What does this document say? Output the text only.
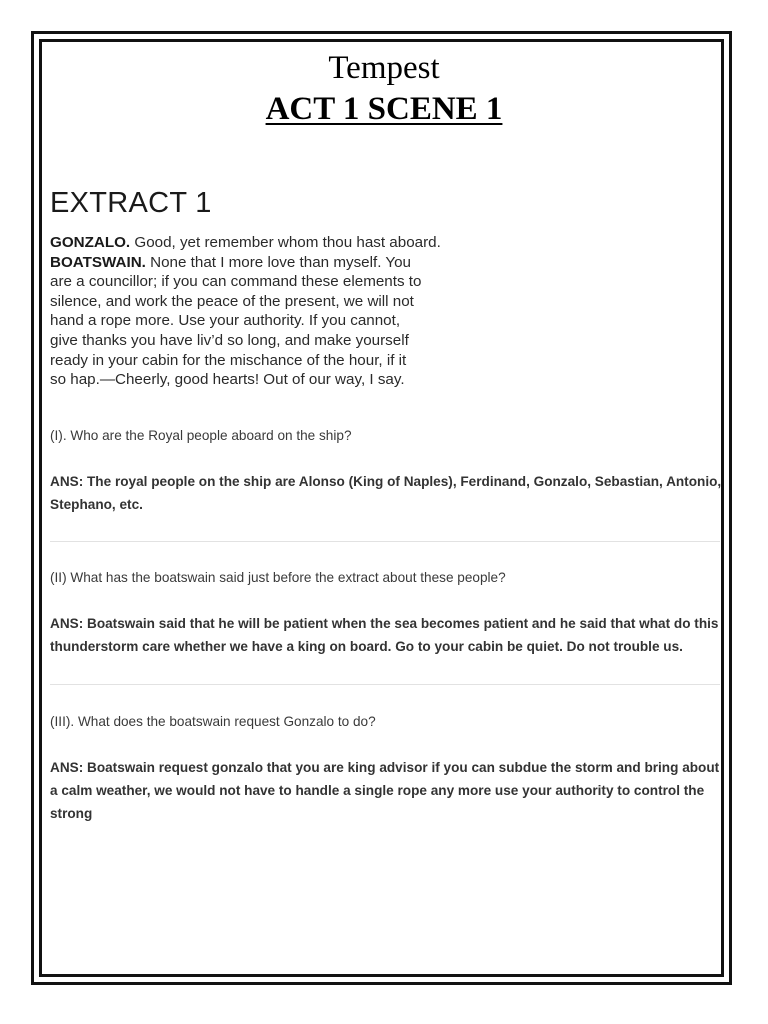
Tempest
ACT 1 SCENE 1
EXTRACT 1
GONZALO. Good, yet remember whom thou hast aboard.
BOATSWAIN. None that I more love than myself. You
are a councillor; if you can command these elements to
silence, and work the peace of the present, we will not
hand a rope more. Use your authority. If you cannot,
give thanks you have liv’d so long, and make yourself
ready in your cabin for the mischance of the hour, if it
so hap.—Cheerly, good hearts! Out of our way, I say.
(I). Who are the Royal people aboard on the ship?
ANS: The royal people on the ship are Alonso (King of Naples), Ferdinand, Gonzalo, Sebastian, Antonio, Stephano, etc.
(II) What has the boatswain said just before the extract about these people?
ANS: Boatswain said that he will be patient when the sea becomes patient and he said that what do this thunderstorm care whether we have a king on board. Go to your cabin be quiet. Do not trouble us.
(III). What does the boatswain request Gonzalo to do?
ANS: Boatswain request gonzalo that you are king advisor if you can subdue the storm and bring about a calm weather, we would not have to handle a single rope any more use your authority to control the strong
